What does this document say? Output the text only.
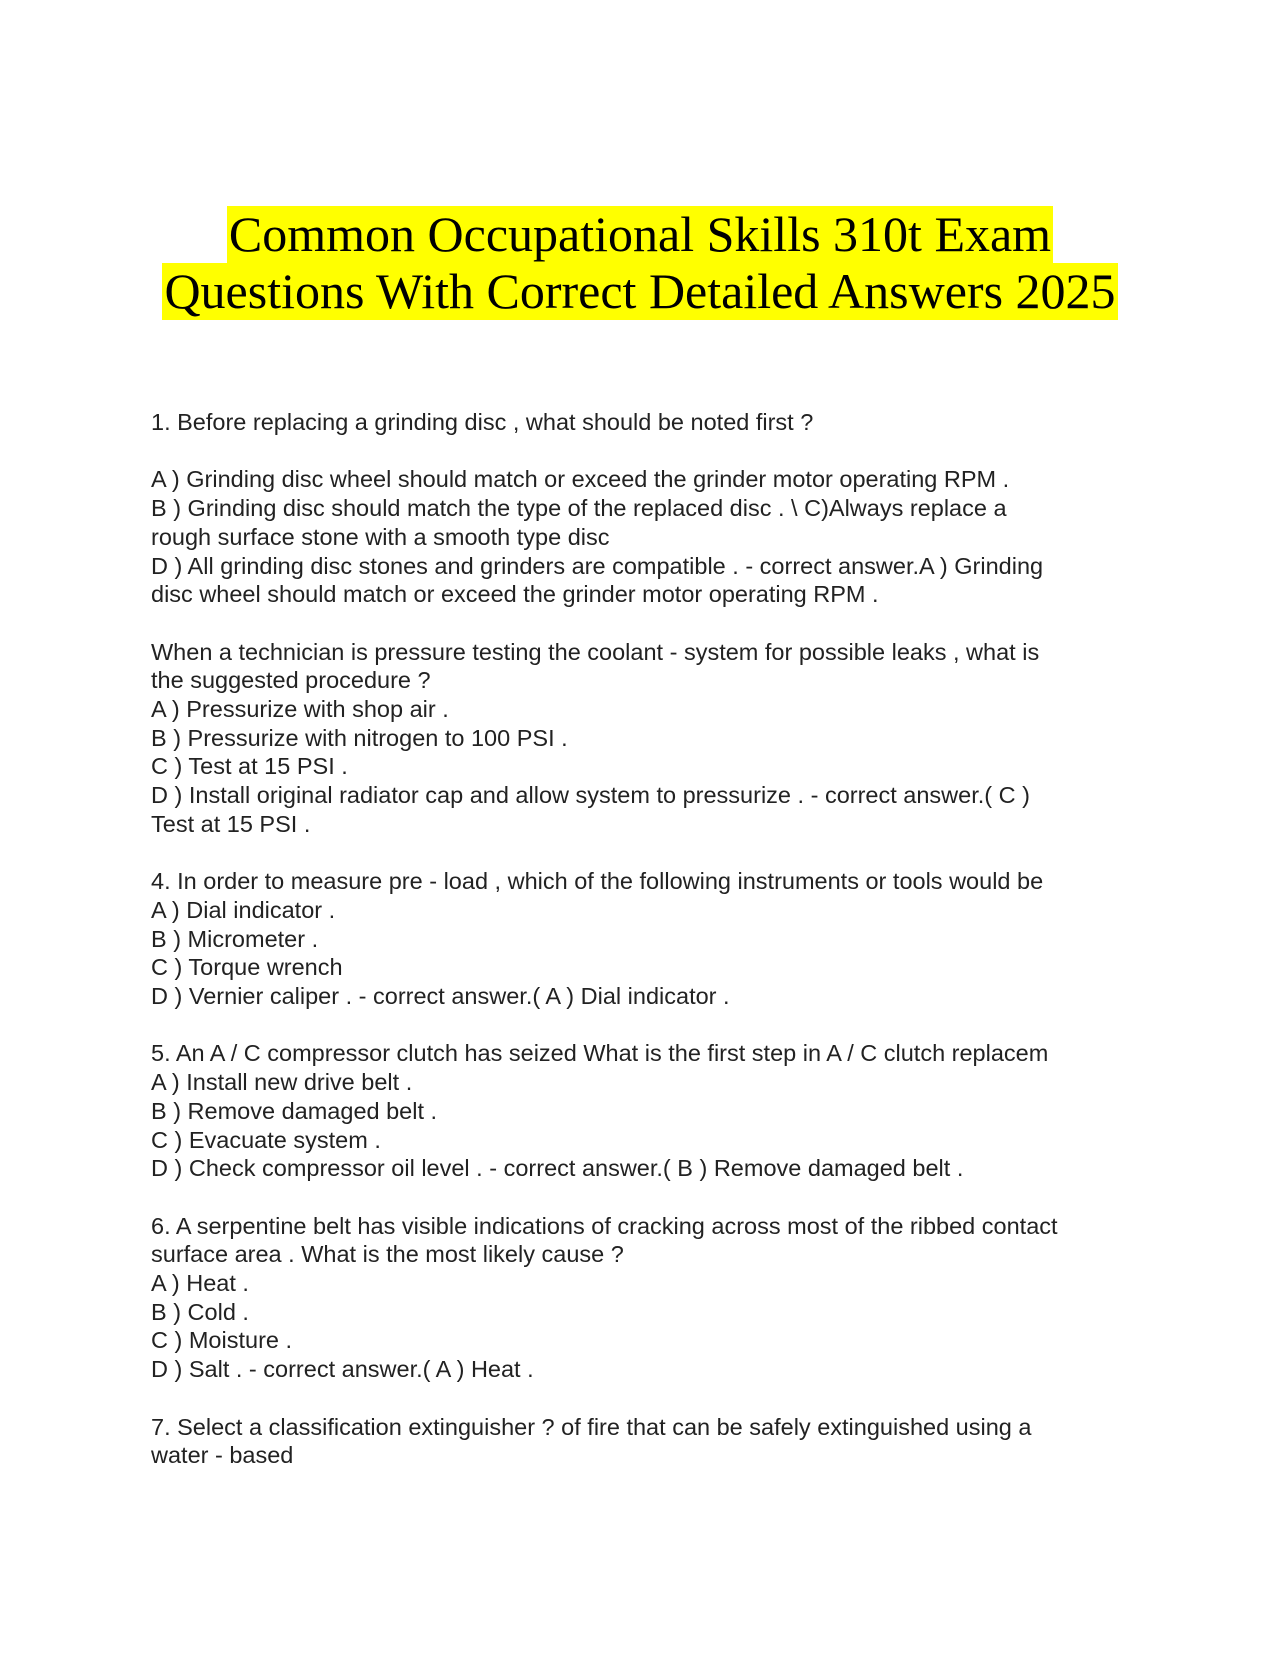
Common Occupational Skills 310t Exam
Questions With Correct Detailed Answers 2025
1. Before replacing a grinding disc , what should be noted first ?

A ) Grinding disc wheel should match or exceed the grinder motor operating RPM .
B ) Grinding disc should match the type of the replaced disc . \ C)Always replace a
rough surface stone with a smooth type disc
D ) All grinding disc stones and grinders are compatible . - correct answer.A ) Grinding
disc wheel should match or exceed the grinder motor operating RPM .
When a technician is pressure testing the coolant - system for possible leaks , what is
the suggested procedure ?
A ) Pressurize with shop air .
B ) Pressurize with nitrogen to 100 PSI .
C ) Test at 15 PSI .
D ) Install original radiator cap and allow system to pressurize . - correct answer.( C )
Test at 15 PSI .
4. In order to measure pre - load , which of the following instruments or tools would be
A ) Dial indicator .
B ) Micrometer .
C ) Torque wrench
D ) Vernier caliper . - correct answer.( A ) Dial indicator .
5. An A / C compressor clutch has seized What is the first step in A / C clutch replacem
A ) Install new drive belt .
B ) Remove damaged belt .
C ) Evacuate system .
D ) Check compressor oil level . - correct answer.( B ) Remove damaged belt .
6. A serpentine belt has visible indications of cracking across most of the ribbed contact
surface area . What is the most likely cause ?
A ) Heat .
B ) Cold .
C ) Moisture .
D ) Salt . - correct answer.( A ) Heat .
7. Select a classification extinguisher ? of fire that can be safely extinguished using a
water - based
